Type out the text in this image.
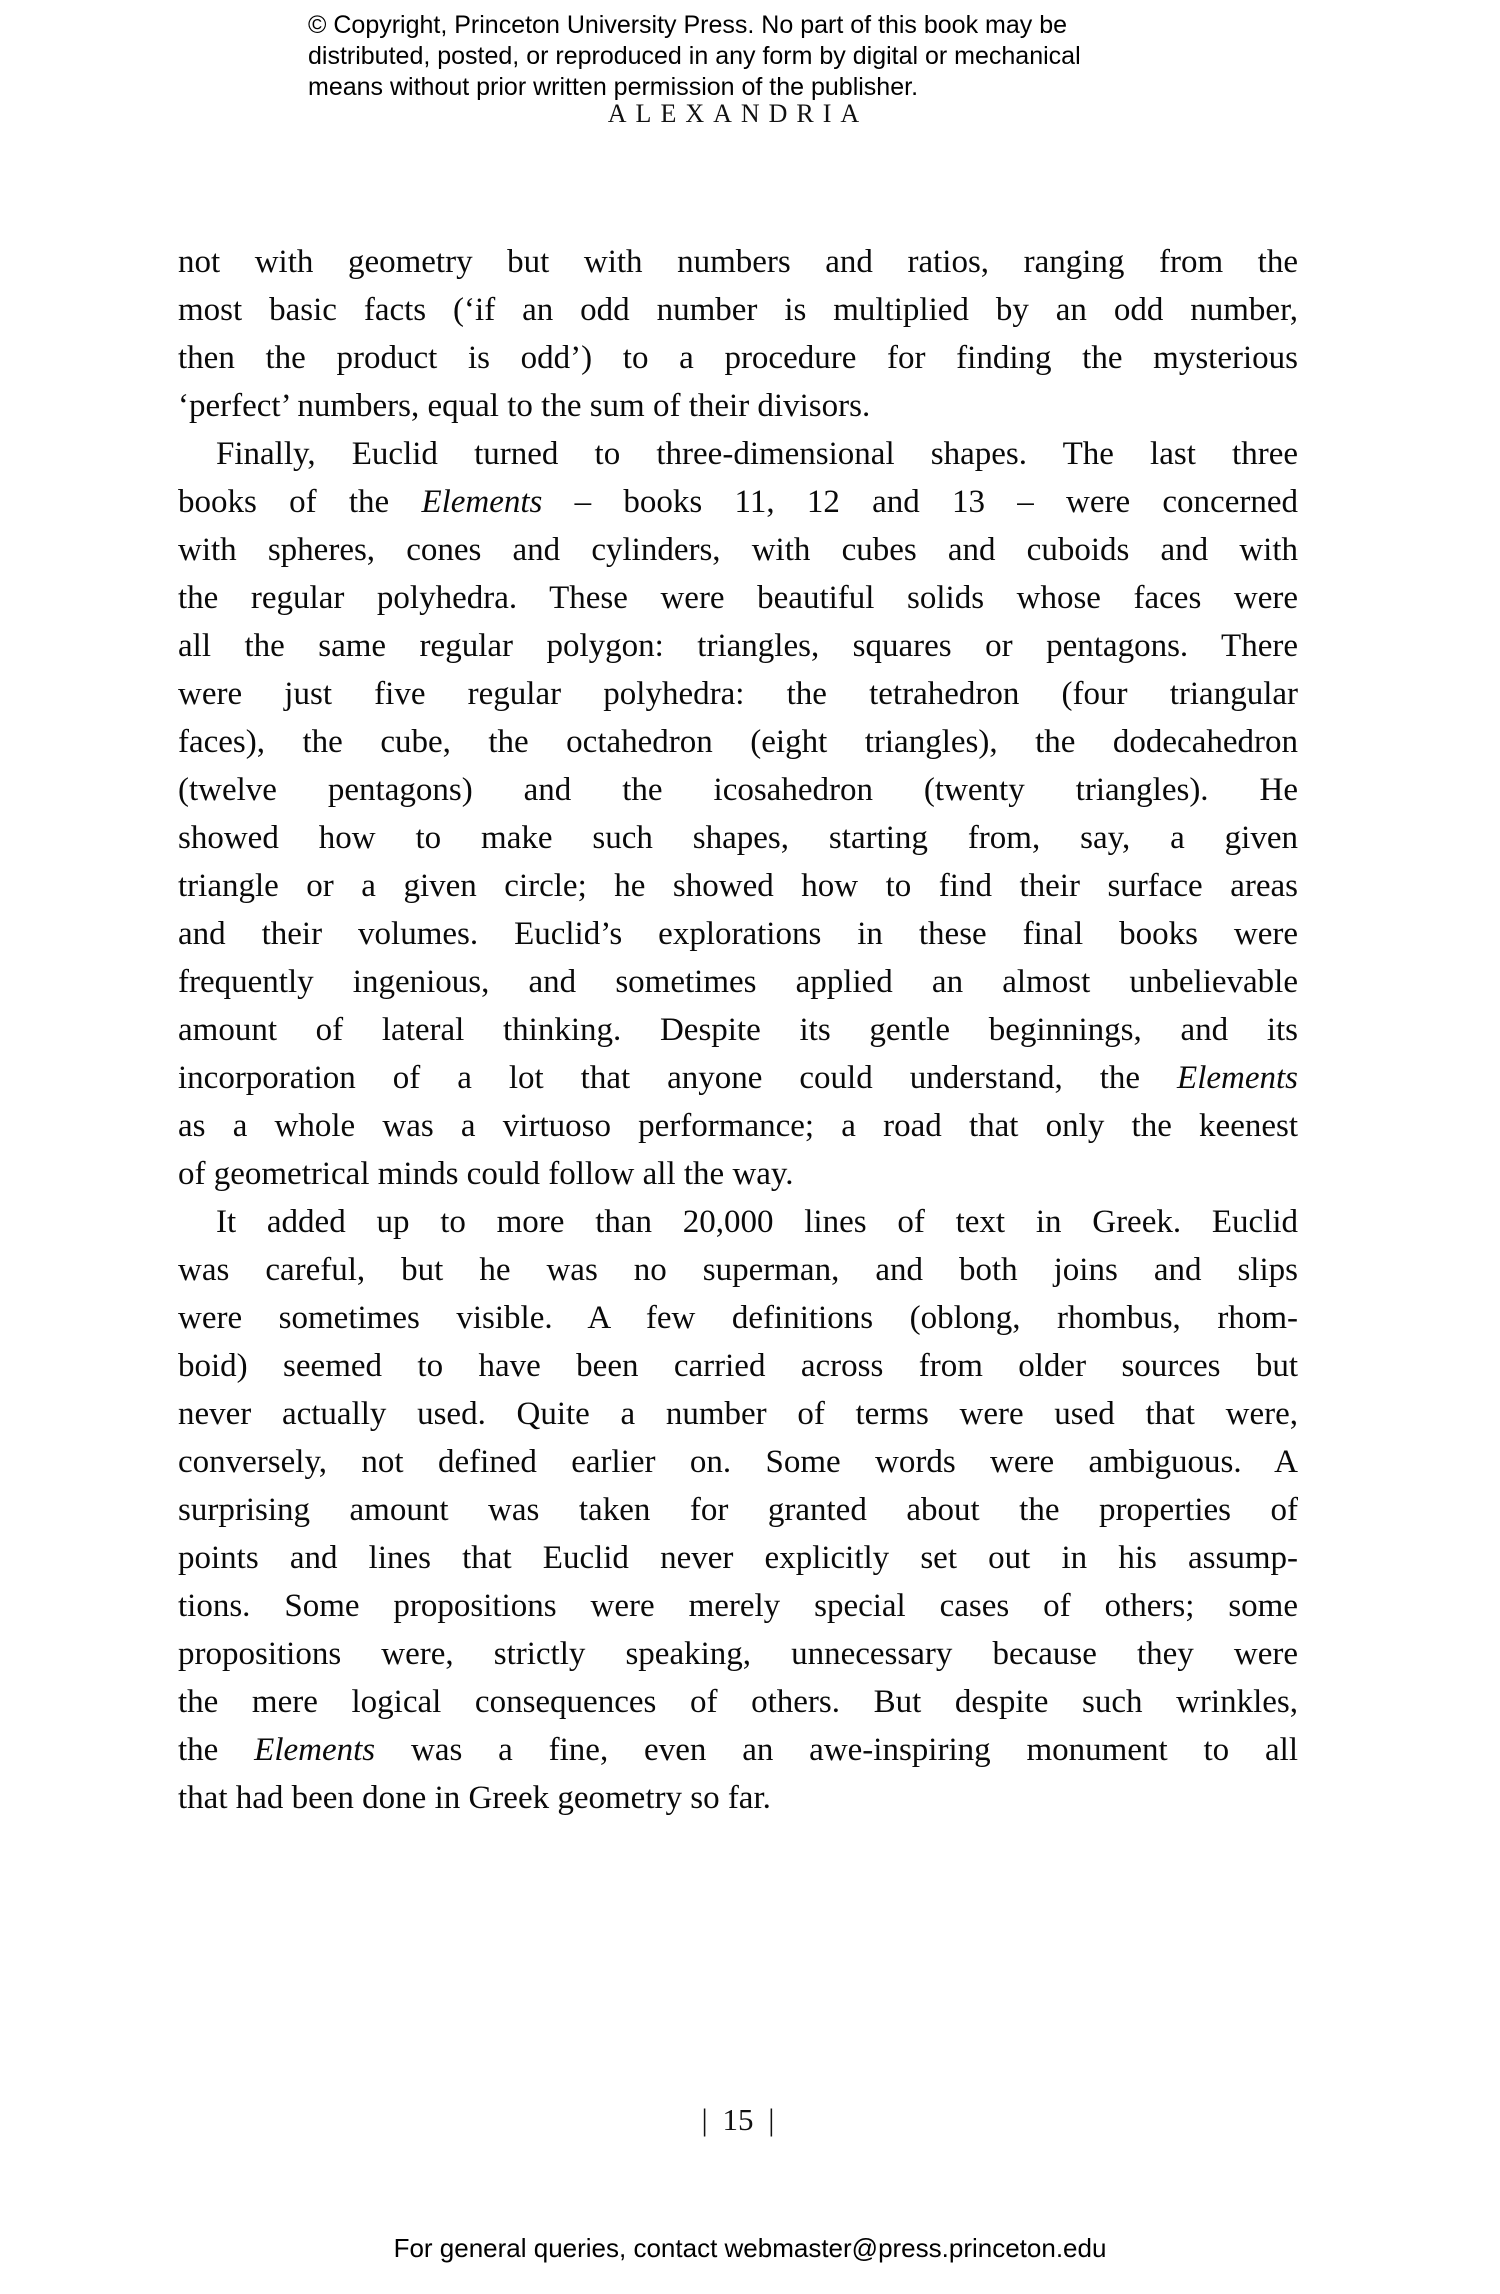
© Copyright, Princeton University Press. No part of this book may be
distributed, posted, or reproduced in any form by digital or mechanical
means without prior written permission of the publisher.
ALEXANDRIA
not with geometry but with numbers and ratios, ranging from the
most basic facts (‘if an odd number is multiplied by an odd number,
then the product is odd’) to a procedure for finding the mysterious
‘perfect’ numbers, equal to the sum of their divisors.
Finally, Euclid turned to three-dimensional shapes. The last three
books of the Elements – books 11, 12 and 13 – were concerned
with spheres, cones and cylinders, with cubes and cuboids and with
the regular polyhedra. These were beautiful solids whose faces were
all the same regular polygon: triangles, squares or pentagons. There
were just five regular polyhedra: the tetrahedron (four triangular
faces), the cube, the octahedron (eight triangles), the dodecahedron
(twelve pentagons) and the icosahedron (twenty triangles). He
showed how to make such shapes, starting from, say, a given
triangle or a given circle; he showed how to find their surface areas
and their volumes. Euclid’s explorations in these final books were
frequently ingenious, and sometimes applied an almost unbelievable
amount of lateral thinking. Despite its gentle beginnings, and its
incorporation of a lot that anyone could understand, the Elements
as a whole was a virtuoso performance; a road that only the keenest
of geometrical minds could follow all the way.
It added up to more than 20,000 lines of text in Greek. Euclid
was careful, but he was no superman, and both joins and slips
were sometimes visible. A few definitions (oblong, rhombus, rhom-
boid) seemed to have been carried across from older sources but
never actually used. Quite a number of terms were used that were,
conversely, not defined earlier on. Some words were ambiguous. A
surprising amount was taken for granted about the properties of
points and lines that Euclid never explicitly set out in his assump-
tions. Some propositions were merely special cases of others; some
propositions were, strictly speaking, unnecessary because they were
the mere logical consequences of others. But despite such wrinkles,
the Elements was a fine, even an awe-inspiring monument to all
that had been done in Greek geometry so far.
| 15 |
For general queries, contact webmaster@press.princeton.edu
